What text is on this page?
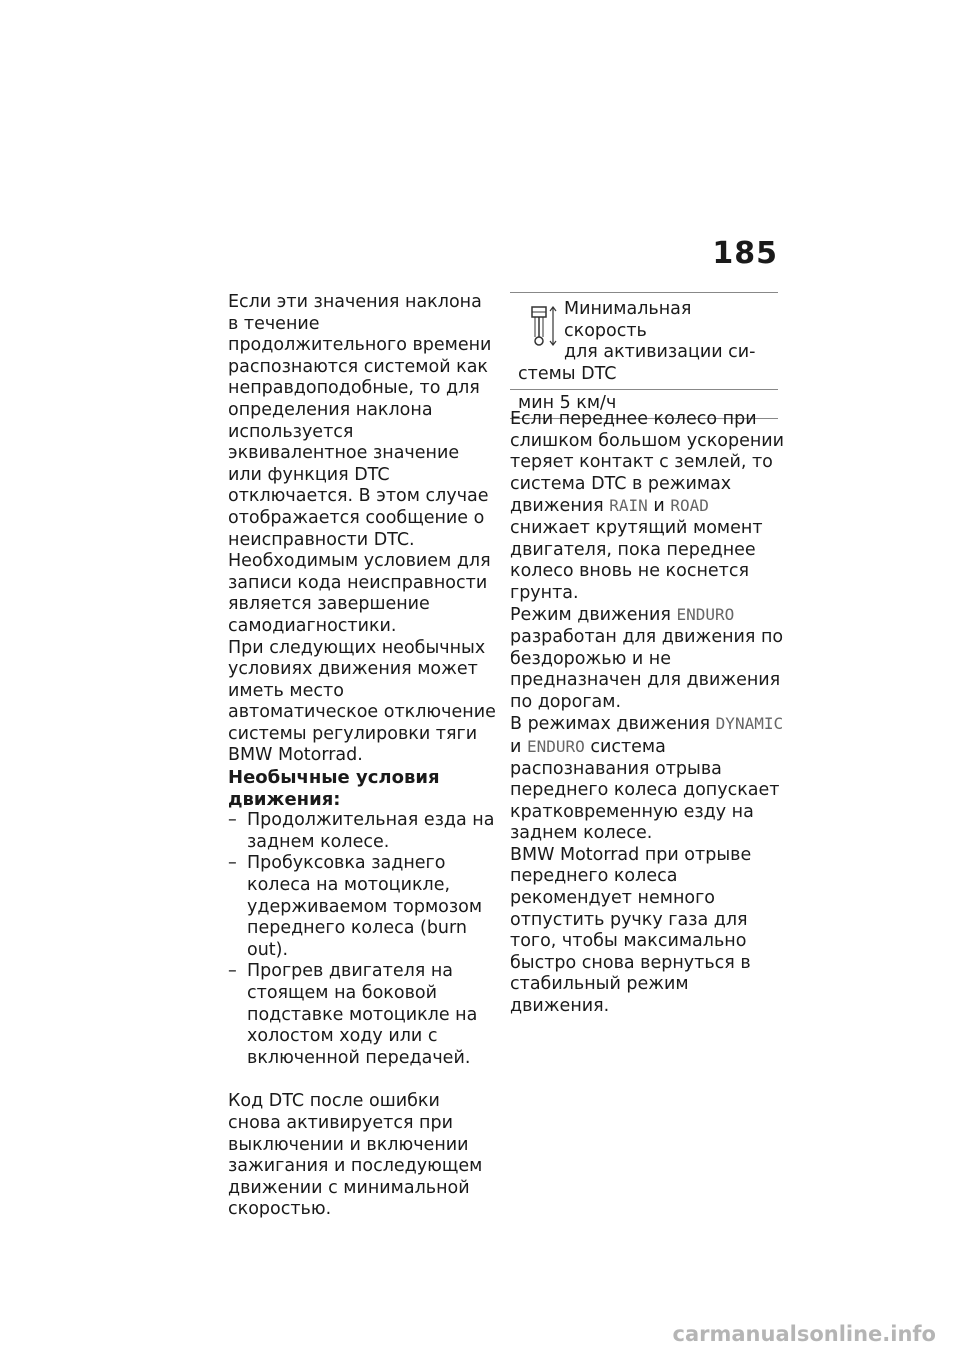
185

Если эти значения наклона в течение продолжительного времени распознаются системой как неправдоподобные, то для определения наклона используется эквивалентное значение или функция DTC отключается. В этом случае отображается сообщение о неисправности DTC. Необходимым условием для записи кода неисправности является завершение самодиагностики.

При следующих необычных условиях движения может иметь место автоматическое отключение системы регулировки тяги BMW Motorrad.

Необычные условия движения:

– Продолжительная езда на заднем колесе.
– Пробуксовка заднего колеса на мотоцикле, удерживаемом тормозом переднего колеса (burn out).
– Прогрев двигателя на стоящем на боковой подставке мотоцикле на холостом ходу или с включенной передачей.

Код DTC после ошибки снова активируется при выключении и включении зажигания и последующем движении с минимальной скоростью.

Минимальная скорость
для активизации си-
стемы DTC
мин 5 км/ч

Если переднее колесо при слишком большом ускорении теряет контакт с землей, то система DTC в режимах движения RAIN и ROAD снижает крутящий момент двигателя, пока переднее колесо вновь не коснется грунта.

Режим движения ENDURO разработан для движения по бездорожью и не предназначен для движения по дорогам.

В режимах движения DYNAMIC и ENDURO система распознавания отрыва переднего колеса допускает кратковременную езду на заднем колесе.

BMW Motorrad при отрыве переднего колеса рекомендует немного отпустить ручку газа для того, чтобы максимально быстро снова вернуться в стабильный режим движения.

carmanualsonline.info
